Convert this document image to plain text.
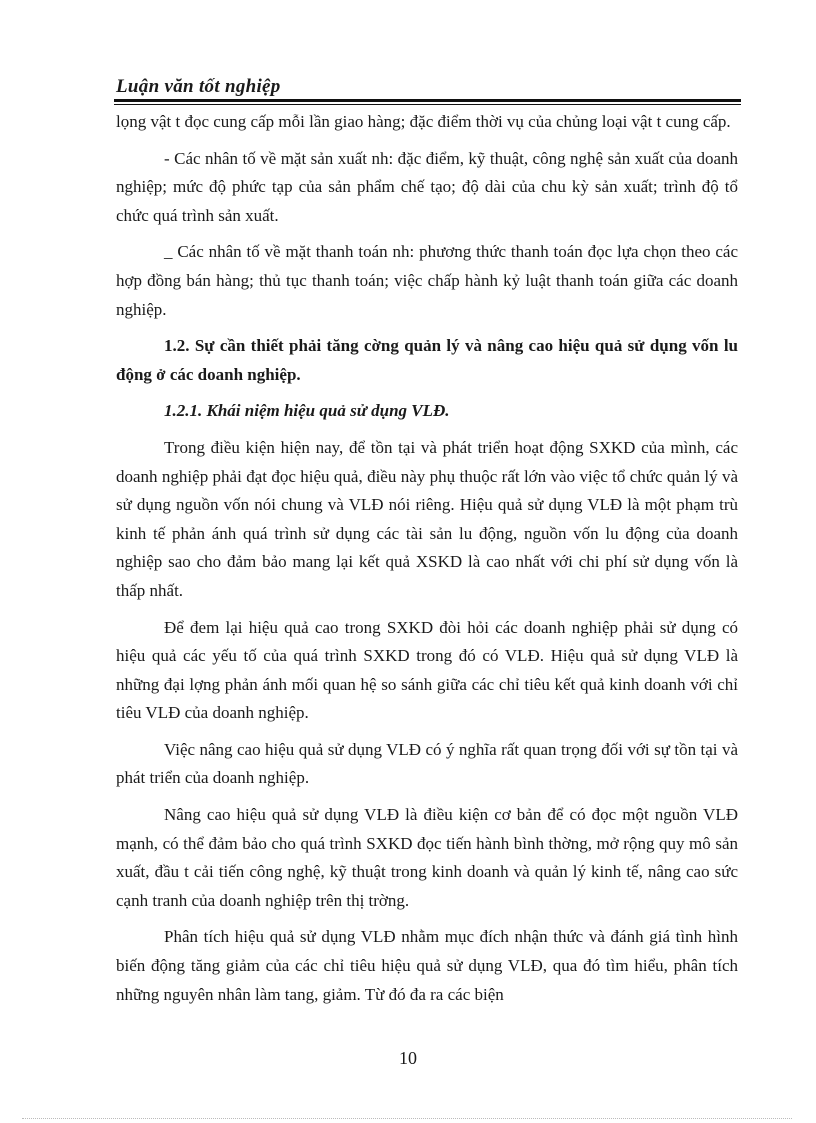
Luận văn tốt nghiệp

lọng vật t đọc cung cấp mỗi lần giao hàng; đặc điểm thời vụ của chủng loại vật t cung cấp.

- Các nhân tố về mặt sản xuất nh: đặc điểm, kỹ thuật, công nghệ sản xuất của doanh nghiệp; mức độ phức tạp của sản phẩm chế tạo; độ dài của chu kỳ sản xuất; trình độ tổ chức quá trình sản xuất.

_ Các nhân tố về mặt thanh toán nh: phương thức thanh toán đọc lựa chọn theo các hợp đồng bán hàng; thủ tục thanh toán; việc chấp hành kỷ luật thanh toán giữa các doanh nghiệp.

1.2. Sự cần thiết phải tăng cờng quản lý và nâng cao hiệu quả sử dụng vốn lu động ở các doanh nghiệp.

1.2.1. Khái niệm hiệu quả sử dụng VLĐ.

Trong điều kiện hiện nay, để tồn tại và phát triển hoạt động SXKD của mình, các doanh nghiệp phải đạt đọc hiệu quả, điều này phụ thuộc rất lớn vào việc tổ chức quản lý và sử dụng nguồn vốn nói chung và VLĐ nói riêng. Hiệu quả sử dụng VLĐ là một phạm trù kinh tế phản ánh quá trình sử dụng các tài sản lu động, nguồn vốn lu động của doanh nghiệp sao cho đảm bảo mang lại kết quả XSKD là cao nhất với chi phí sử dụng vốn là thấp nhất.

Để đem lại hiệu quả cao trong SXKD đòi hỏi các doanh nghiệp phải sử dụng có hiệu quả các yếu tố của quá trình SXKD trong đó có VLĐ. Hiệu quả sử dụng VLĐ là những đại lợng phản ánh mối quan hệ so sánh giữa các chỉ tiêu kết quả kinh doanh với chỉ tiêu VLĐ của doanh nghiệp.

Việc nâng cao hiệu quả sử dụng VLĐ có ý nghĩa rất quan trọng đối với sự tồn tại và phát triển của doanh nghiệp.

Nâng cao hiệu quả sử dụng VLĐ là điều kiện cơ bản để có đọc một nguồn VLĐ mạnh, có thể đảm bảo cho quá trình SXKD đọc tiến hành bình thờng, mở rộng quy mô sản xuất, đầu t cải tiến công nghệ, kỹ thuật trong kinh doanh và quản lý kinh tế, nâng cao sức cạnh tranh của doanh nghiệp trên thị trờng.

Phân tích hiệu quả sử dụng VLĐ nhằm mục đích nhận thức và đánh giá tình hình biến động tăng giảm của các chỉ tiêu hiệu quả sử dụng VLĐ, qua đó tìm hiểu, phân tích những nguyên nhân làm tang, giảm. Từ đó đa ra các biện

10
